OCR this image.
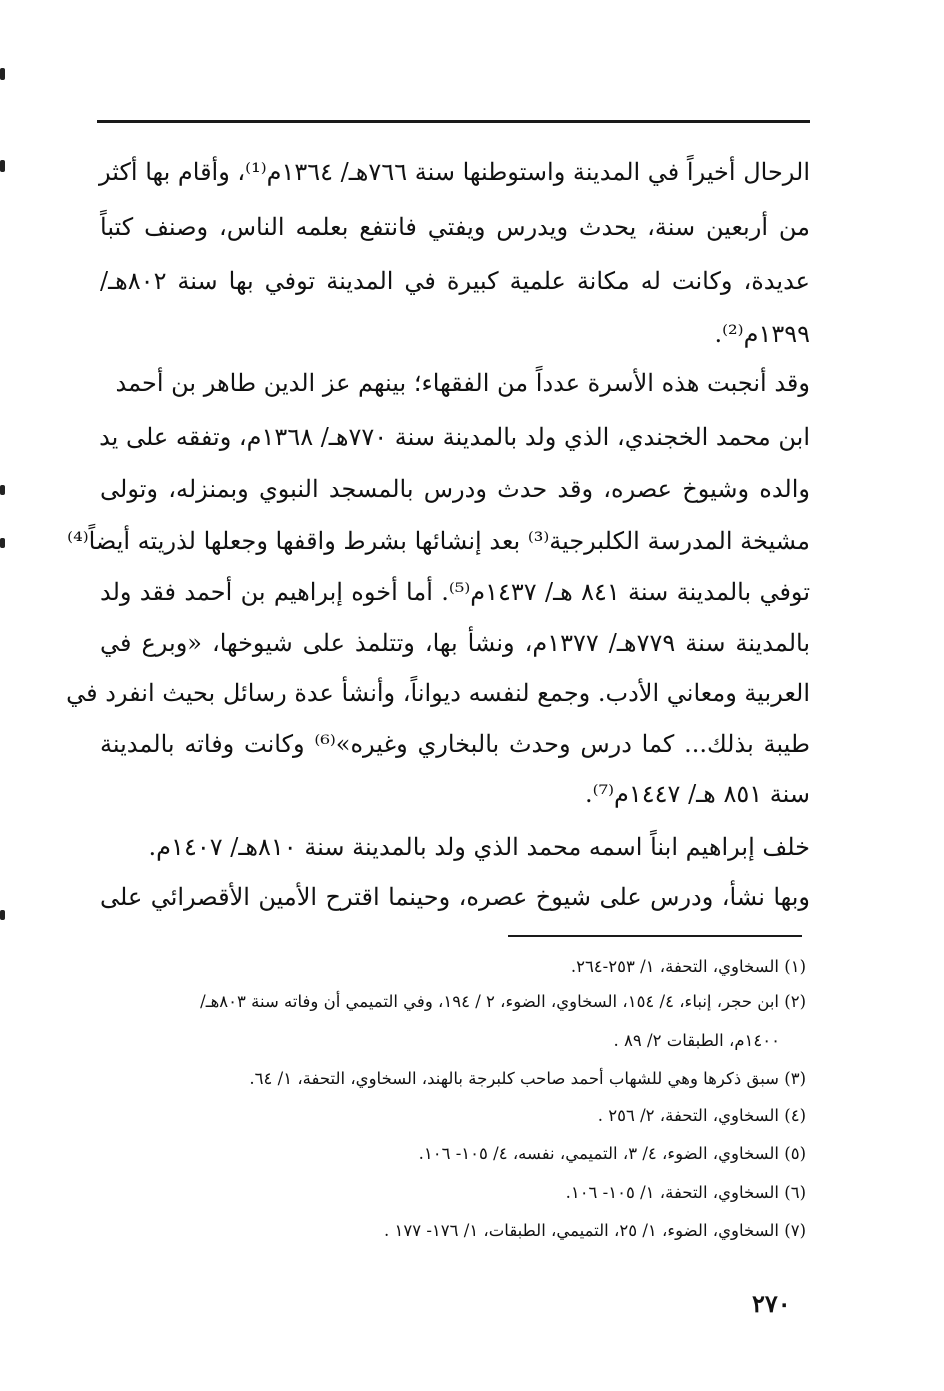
الرحال أخيراً في المدينة واستوطنها سنة ٧٦٦هـ/ ١٣٦٤م⁽¹⁾، وأقام بها أكثر
من أربعين سنة، يحدث ويدرس ويفتي فانتفع بعلمه الناس، وصنف كتباً
عديدة، وكانت له مكانة علمية كبيرة في المدينة توفي بها سنة ٨٠٢هـ/
١٣٩٩م⁽²⁾.
وقد أنجبت هذه الأسرة عدداً من الفقهاء؛ بينهم عز الدين طاهر بن أحمد
ابن محمد الخجندي، الذي ولد بالمدينة سنة ٧٧٠هـ/ ١٣٦٨م، وتفقه على يد
والده وشيوخ عصره، وقد حدث ودرس بالمسجد النبوي وبمنزله، وتولى
مشيخة المدرسة الكلبرجية⁽³⁾ بعد إنشائها بشرط واقفها وجعلها لذريته أيضاً⁽⁴⁾
توفي بالمدينة سنة ٨٤١ هـ/ ١٤٣٧م⁽⁵⁾. أما أخوه إبراهيم بن أحمد فقد ولد
بالمدينة سنة ٧٧٩هـ/ ١٣٧٧م، ونشأ بها، وتتلمذ على شيوخها، «وبرع في
العربية ومعاني الأدب. وجمع لنفسه ديواناً، وأنشأ عدة رسائل بحيث انفرد في
طيبة بذلك... كما درس وحدث بالبخاري وغيره»⁽⁶⁾ وكانت وفاته بالمدينة
سنة ٨٥١ هـ/ ١٤٤٧م⁽⁷⁾.
خلف إبراهيم ابناً اسمه محمد الذي ولد بالمدينة سنة ٨١٠هـ/ ١٤٠٧م.
وبها نشأ، ودرس على شيوخ عصره، وحينما اقترح الأمين الأقصرائي على
(١) السخاوي، التحفة، ١/ ٢٥٣-٢٦٤.
(٢) ابن حجر، إنباء، ٤/ ١٥٤، السخاوي، الضوء، ٢ / ١٩٤، وفي التميمي أن وفاته سنة ٨٠٣هـ/
١٤٠٠م، الطبقات ٢/ ٨٩ .
(٣) سبق ذكرها وهي للشهاب أحمد صاحب كلبرجة بالهند، السخاوي، التحفة، ١/ ٦٤.
(٤) السخاوي، التحفة، ٢/ ٢٥٦ .
(٥) السخاوي، الضوء، ٤/ ٣، التميمي، نفسه، ٤/ ١٠٥- ١٠٦.
(٦) السخاوي، التحفة، ١/ ١٠٥- ١٠٦.
(٧) السخاوي، الضوء، ١/ ٢٥، التميمي، الطبقات، ١/ ١٧٦- ١٧٧ .
٢٧٠
